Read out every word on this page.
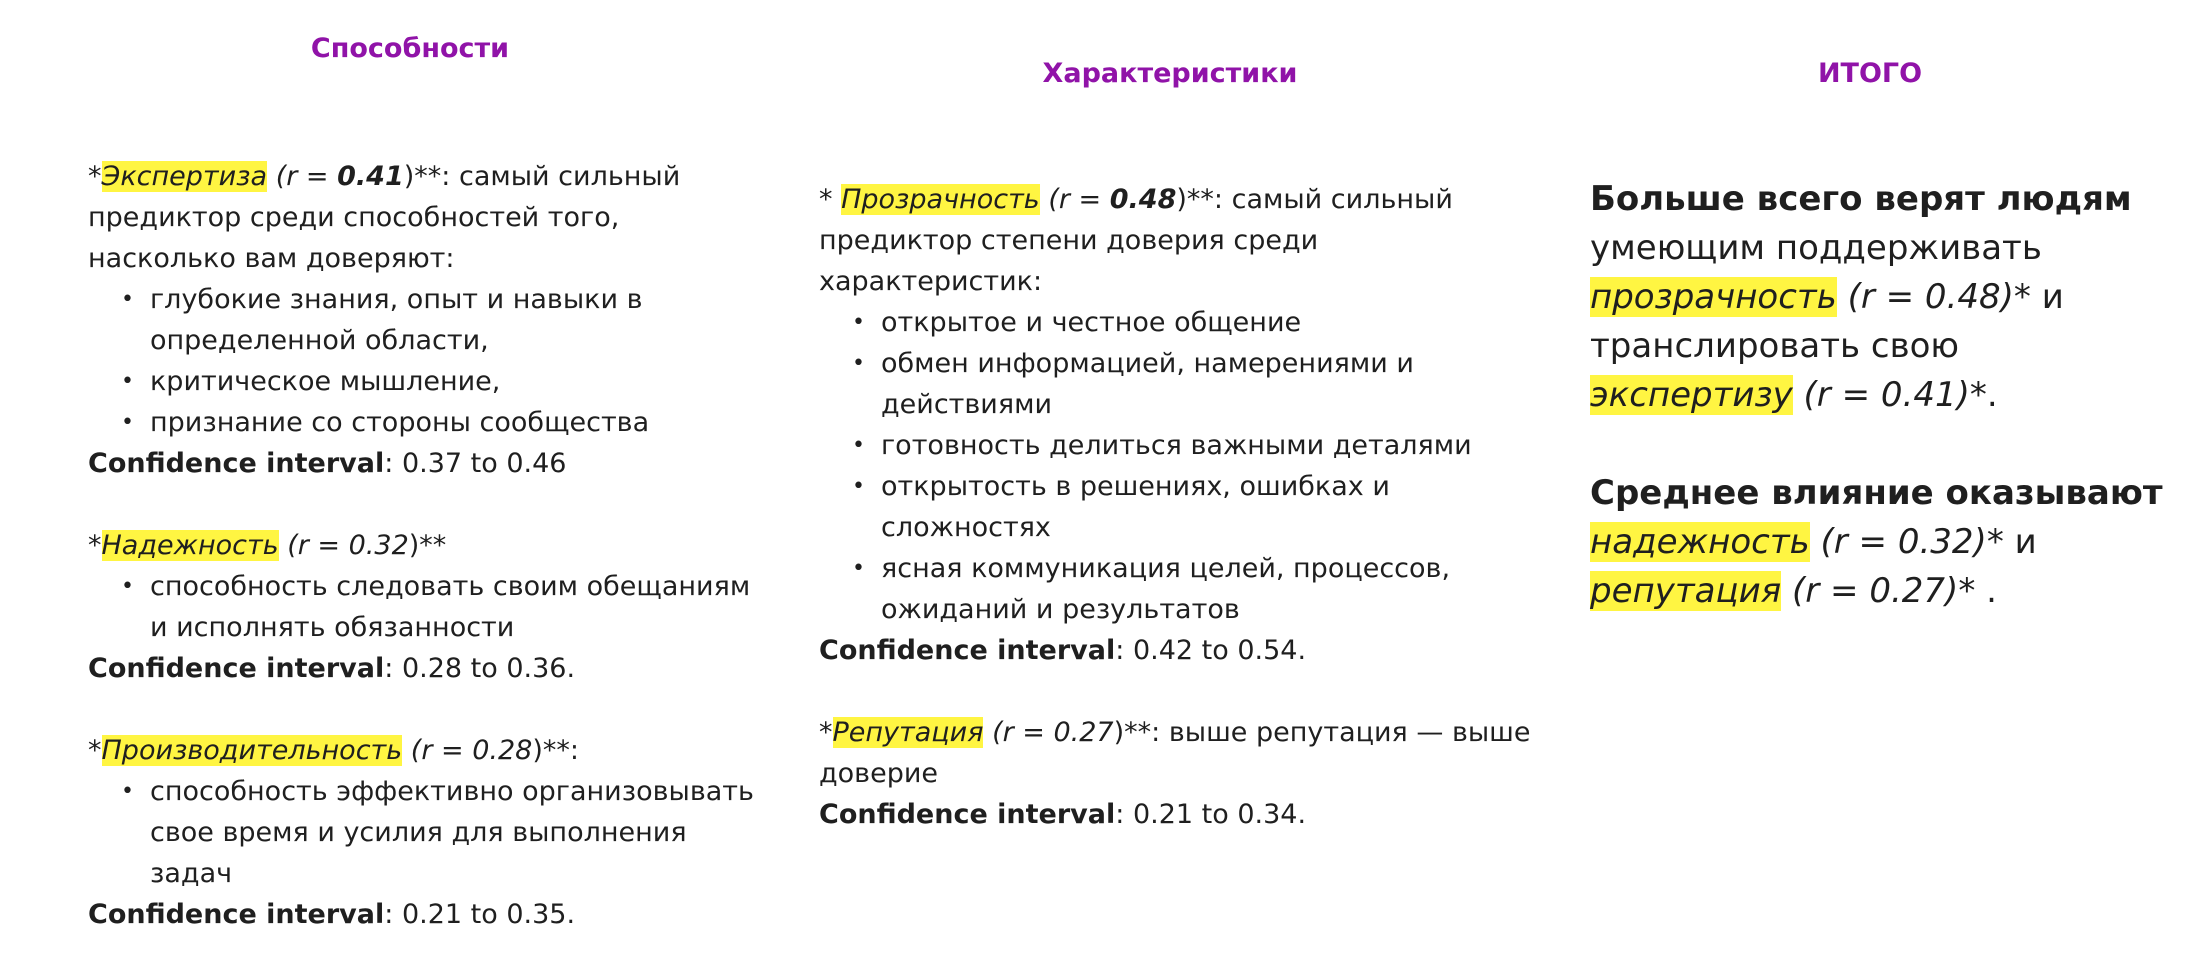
Способности
Характеристики	ИТОГО

*Экспертиза (r = 0.41)**: самый сильный предиктор среди способностей того, насколько вам доверяют:

• глубокие знания, опыт и навыки в определенной области,
• критическое мышление,
• признание со стороны сообщества

Confidence interval: 0.37 to 0.46

*Надежность (r = 0.32)**

• способность следовать своим обещаниям и исполнять обязанности

Confidence interval: 0.28 to 0.36.

*Производительность (r = 0.28)**:

• способность эффективно организовывать свое время и усилия для выполнения задач

Confidence interval: 0.21 to 0.35.

* Прозрачность (r = 0.48)**: самый сильный предиктор степени доверия среди характеристик:

• открытое и честное общение
• обмен информацией, намерениями и действиями
• готовность делиться важными деталями
• открытость в решениях, ошибках и сложностях
• ясная коммуникация целей, процессов, ожиданий и результатов

Confidence interval: 0.42 to 0.54.

*Репутация (r = 0.27)**: выше репутация — выше доверие

Confidence interval: 0.21 to 0.34.

Больше всего верят людям умеющим поддерживать прозрачность (r = 0.48)* и транслировать свою экспертизу (r = 0.41)*.

Среднее влияние оказывают
надежность (r = 0.32)* и репутация (r = 0.27)* .
